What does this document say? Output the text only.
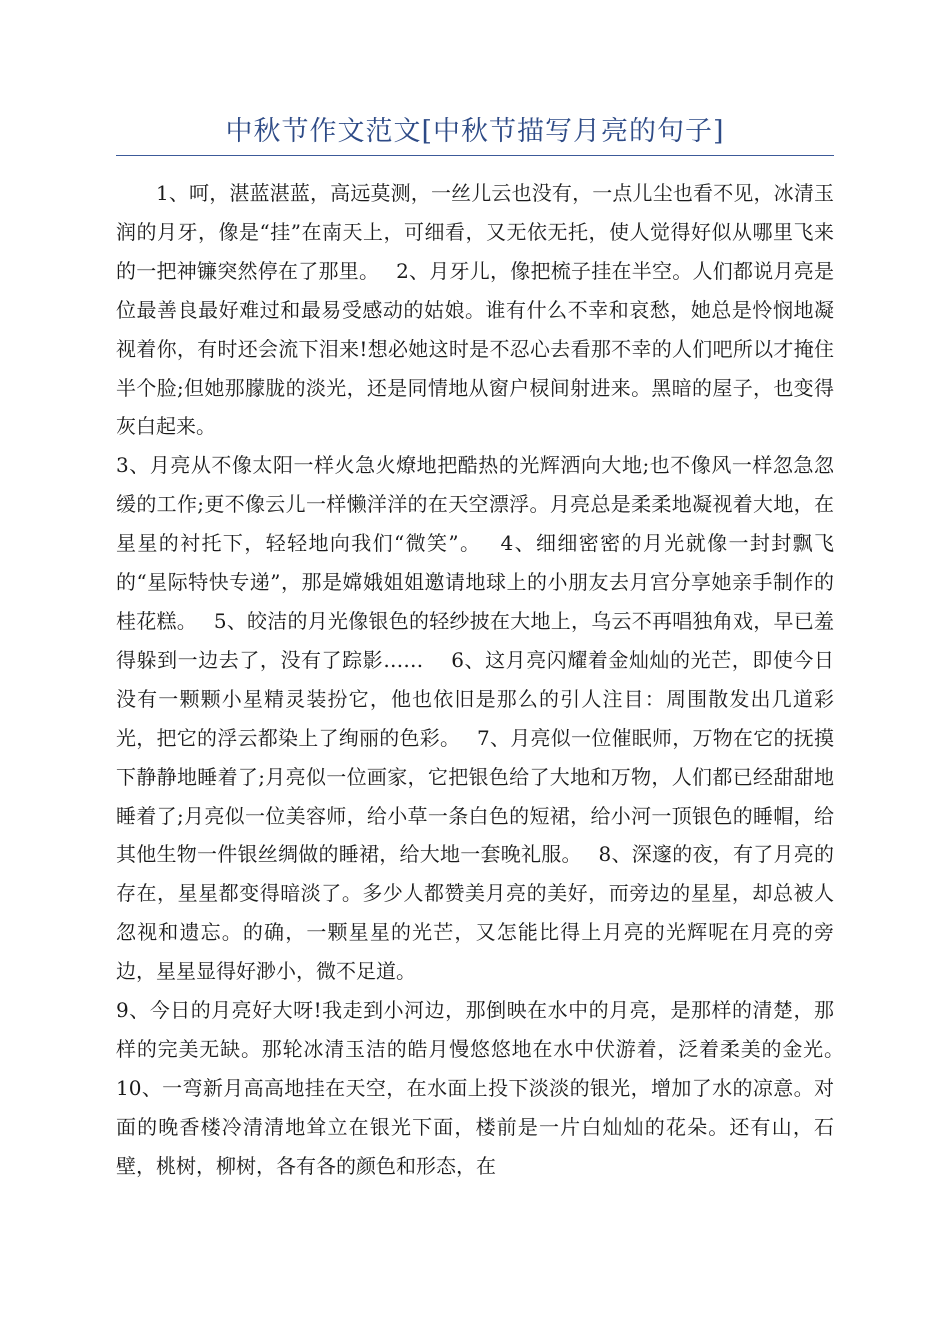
中秋节作文范文[中秋节描写月亮的句子]

1、呵，湛蓝湛蓝，高远莫测，一丝儿云也没有，一点儿尘也看不见，冰清玉润的月牙，像是“挂”在南天上，可细看，又无依无托，使人觉得好似从哪里飞来的一把神镰突然停在了那里。　 2、月牙儿，像把梳子挂在半空。人们都说月亮是位最善良最好难过和最易受感动的姑娘。谁有什么不幸和哀愁，她总是怜悯地凝视着你，有时还会流下泪来!想必她这时是不忍心去看那不幸的人们吧所以才掩住半个脸;但她那朦胧的淡光，还是同情地从窗户棂间射进来。黑暗的屋子，也变得灰白起来。

3、月亮从不像太阳一样火急火燎地把酷热的光辉洒向大地;也不像风一样忽急忽缓的工作;更不像云儿一样懒洋洋的在天空漂浮。月亮总是柔柔地凝视着大地，在星星的衬托下，轻轻地向我们“微笑”。　 4、细细密密的月光就像一封封飘飞的“星际特快专递”，那是嫦娥姐姐邀请地球上的小朋友去月宫分享她亲手制作的桂花糕。　 5、皎洁的月光像银色的轻纱披在大地上，乌云不再唱独角戏，早已羞得躲到一边去了，没有了踪影……　 6、这月亮闪耀着金灿灿的光芒，即使今日没有一颗颗小星精灵装扮它，他也依旧是那么的引人注目：周围散发出几道彩光，把它的浮云都染上了绚丽的色彩。　 7、月亮似一位催眠师，万物在它的抚摸下静静地睡着了;月亮似一位画家，它把银色给了大地和万物，人们都已经甜甜地睡着了;月亮似一位美容师，给小草一条白色的短裙，给小河一顶银色的睡帽，给其他生物一件银丝绸做的睡裙，给大地一套晚礼服。　 8、深邃的夜，有了月亮的存在，星星都变得暗淡了。多少人都赞美月亮的美好，而旁边的星星，却总被人忽视和遗忘。的确，一颗星星的光芒，又怎能比得上月亮的光辉呢在月亮的旁边，星星显得好渺小，微不足道。

9、今日的月亮好大呀!我走到小河边，那倒映在水中的月亮，是那样的清楚，那样的完美无缺。那轮冰清玉洁的皓月慢悠悠地在水中伏游着，泛着柔美的金光。　 10、一弯新月高高地挂在天空，在水面上投下淡淡的银光，增加了水的凉意。对面的晚香楼冷清清地耸立在银光下面，楼前是一片白灿灿的花朵。还有山，石壁，桃树，柳树，各有各的颜色和形态，在
